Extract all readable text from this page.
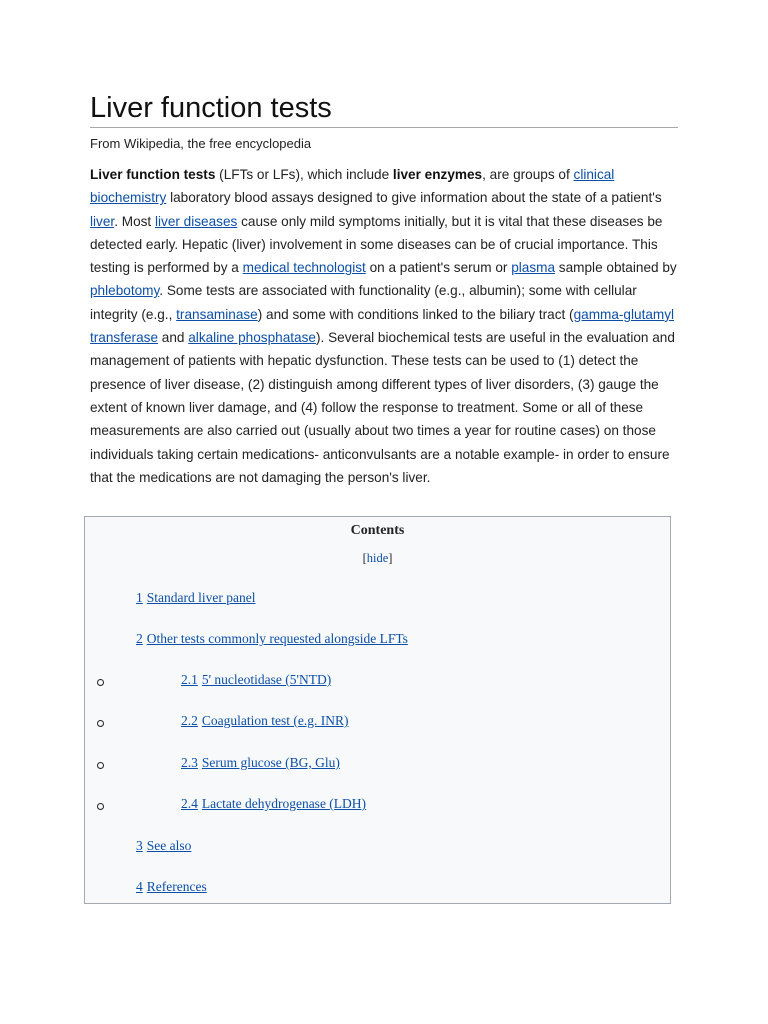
Liver function tests

From Wikipedia, the free encyclopedia

Liver function tests (LFTs or LFs), which include liver enzymes, are groups of clinical biochemistry laboratory blood assays designed to give information about the state of a patient's liver. Most liver diseases cause only mild symptoms initially, but it is vital that these diseases be detected early. Hepatic (liver) involvement in some diseases can be of crucial importance. This testing is performed by a medical technologist on a patient's serum or plasma sample obtained by phlebotomy. Some tests are associated with functionality (e.g., albumin); some with cellular integrity (e.g., transaminase) and some with conditions linked to the biliary tract (gamma-glutamyl transferase and alkaline phosphatase). Several biochemical tests are useful in the evaluation and management of patients with hepatic dysfunction. These tests can be used to (1) detect the presence of liver disease, (2) distinguish among different types of liver disorders, (3) gauge the extent of known liver damage, and (4) follow the response to treatment. Some or all of these measurements are also carried out (usually about two times a year for routine cases) on those individuals taking certain medications- anticonvulsants are a notable example- in order to ensure that the medications are not damaging the person's liver.

Contents
[hide]
1 Standard liver panel
2 Other tests commonly requested alongside LFTs
2.1 5' nucleotidase (5'NTD)
2.2 Coagulation test (e.g. INR)
2.3 Serum glucose (BG, Glu)
2.4 Lactate dehydrogenase (LDH)
3 See also
4 References
